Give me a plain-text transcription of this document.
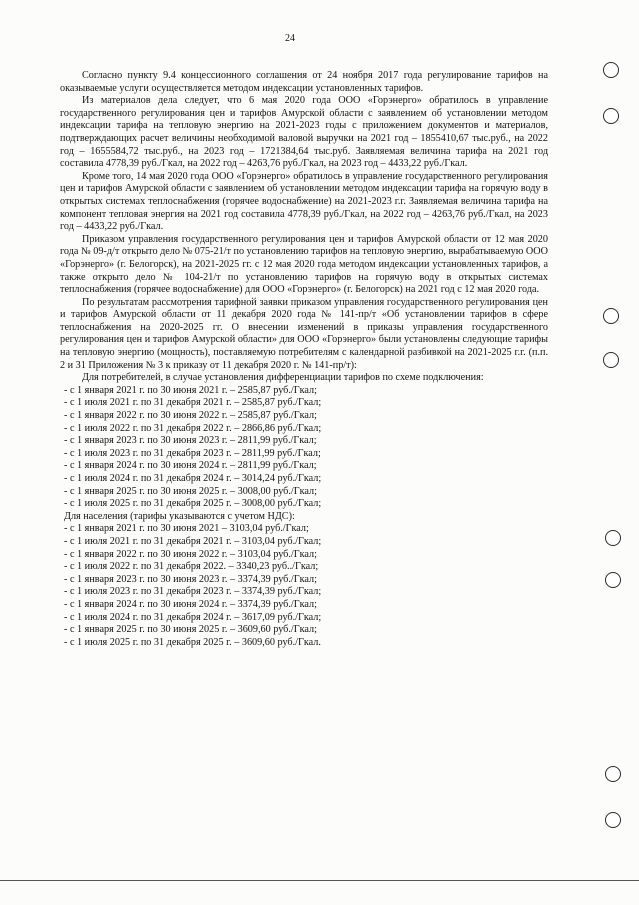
24

Согласно пункту 9.4 концессионного соглашения от 24 ноября 2017 года регулирование тарифов на оказываемые услуги осуществляется методом индексации установленных тарифов.

Из материалов дела следует, что 6 мая 2020 года ООО «Горэнерго» обратилось в управление государственного регулирования цен и тарифов Амурской области с заявлением об установлении методом индексации тарифа на тепловую энергию на 2021-2023 годы с приложением документов и материалов, подтверждающих расчет величины необходимой валовой выручки на 2021 год – 1855410,67 тыс.руб., на 2022 год – 1655584,72 тыс.руб., на 2023 год – 1721384,64 тыс.руб. Заявляемая величина тарифа на 2021 год составила 4778,39 руб./Гкал, на 2022 год – 4263,76 руб./Гкал, на 2023 год – 4433,22 руб./Гкал.

Кроме того, 14 мая 2020 года ООО «Горэнерго» обратилось в управление государственного регулирования цен и тарифов Амурской области с заявлением об установлении методом индексации тарифа на горячую воду в открытых системах теплоснабжения (горячее водоснабжение) на 2021-2023 г.г. Заявляемая величина тарифа на компонент тепловая энергия на 2021 год составила 4778,39 руб./Гкал, на 2022 год – 4263,76 руб./Гкал, на 2023 год – 4433,22 руб./Гкал.

Приказом управления государственного регулирования цен и тарифов Амурской области от 12 мая 2020 года № 09-д/т открыто дело № 075-21/т по установлению тарифов на тепловую энергию, вырабатываемую ООО «Горэнерго» (г. Белогорск), на 2021-2025 гг. с 12 мая 2020 года методом индексации установленных тарифов, а также открыто дело № 104-21/т по установлению тарифов на горячую воду в открытых системах теплоснабжения (горячее водоснабжение) для ООО «Горэнерго» (г. Белогорск) на 2021 год с 12 мая 2020 года.

По результатам рассмотрения тарифной заявки приказом управления государственного регулирования цен и тарифов Амурской области от 11 декабря 2020 года № 141-пр/т «Об установлении тарифов в сфере теплоснабжения на 2020-2025 гг. О внесении изменений в приказы управления государственного регулирования цен и тарифов Амурской области» для ООО «Горэнерго» были установлены следующие тарифы на тепловую энергию (мощность), поставляемую потребителям с календарной разбивкой на 2021-2025 г.г. (п.п. 2 и 31 Приложения № 3 к приказу от 11 декабря 2020 г. № 141-пр/т):

Для потребителей, в случае установления дифференциации тарифов по схеме подключения:

- с 1 января 2021 г. по 30 июня 2021 г. – 2585,87 руб./Гкал;
- с 1 июля 2021 г. по 31 декабря 2021 г. – 2585,87 руб./Гкал;
- с 1 января 2022 г. по 30 июня 2022 г. – 2585,87 руб./Гкал;
- с 1 июля 2022 г. по 31 декабря 2022 г. – 2866,86 руб./Гкал;
- с 1 января 2023 г. по 30 июня 2023 г. – 2811,99 руб./Гкал;
- с 1 июля 2023 г. по 31 декабря 2023 г. – 2811,99 руб./Гкал;
- с 1 января 2024 г. по 30 июня 2024 г. – 2811,99 руб./Гкал;
- с 1 июля 2024 г. по 31 декабря 2024 г. – 3014,24 руб./Гкал;
- с 1 января 2025 г. по 30 июня 2025 г. – 3008,00 руб./Гкал;
- с 1 июля 2025 г. по 31 декабря 2025 г. – 3008,00 руб./Гкал;

Для населения (тарифы указываются с учетом НДС):

- с 1 января 2021 г. по 30 июня 2021 – 3103,04 руб./Гкал;
- с 1 июля 2021 г. по 31 декабря 2021 г. – 3103,04 руб./Гкал;
- с 1 января 2022 г. по 30 июня 2022 г. – 3103,04 руб./Гкал;
- с 1 июля 2022 г. по 31 декабря 2022. – 3340,23 руб../Гкал;
- с 1 января 2023 г. по 30 июня 2023 г. – 3374,39 руб./Гкал;
- с 1 июля 2023 г. по 31 декабря 2023 г. – 3374,39 руб./Гкал;
- с 1 января 2024 г. по 30 июня 2024 г. – 3374,39 руб./Гкал;
- с 1 июля 2024 г. по 31 декабря 2024 г. – 3617,09 руб./Гкал;
- с 1 января 2025 г. по 30 июня 2025 г. – 3609,60 руб./Гкал;
- с 1 июля 2025 г. по 31 декабря 2025 г. – 3609,60 руб./Гкал.
